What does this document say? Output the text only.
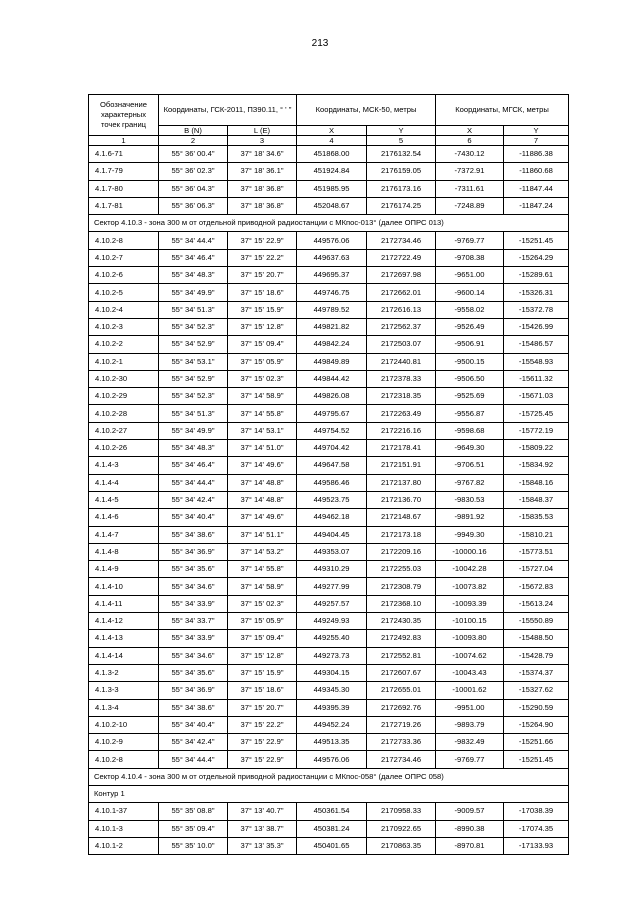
213
Обозначение характерных точек границ	Координаты, ГСК-2011, ПЗ90.11, ° ' "		Координаты, МСК-50, метры		Координаты, МГСК, метры	
	B (N)	L (E)	X	Y	X	Y
1	2	3	4	5	6	7
4.1.6-71	55° 36' 00.4"	37° 18' 34.6"	451868.00	2176132.54	-7430.12	-11886.38
4.1.7-79	55° 36' 02.3"	37° 18' 36.1"	451924.84	2176159.05	-7372.91	-11860.68
4.1.7-80	55° 36' 04.3"	37° 18' 36.8"	451985.95	2176173.16	-7311.61	-11847.44
4.1.7-81	55° 36' 06.3"	37° 18' 36.8"	452048.67	2176174.25	-7248.89	-11847.24
Сектор 4.10.3 - зона 300 м от отдельной приводной радиостанции с МКпос-013° (далее ОПРС 013)						
4.10.2-8	55° 34' 44.4"	37° 15' 22.9"	449576.06	2172734.46	-9769.77	-15251.45
4.10.2-7	55° 34' 46.4"	37° 15' 22.2"	449637.63	2172722.49	-9708.38	-15264.29
4.10.2-6	55° 34' 48.3"	37° 15' 20.7"	449695.37	2172697.98	-9651.00	-15289.61
4.10.2-5	55° 34' 49.9"	37° 15' 18.6"	449746.75	2172662.01	-9600.14	-15326.31
4.10.2-4	55° 34' 51.3"	37° 15' 15.9"	449789.52	2172616.13	-9558.02	-15372.78
4.10.2-3	55° 34' 52.3"	37° 15' 12.8"	449821.82	2172562.37	-9526.49	-15426.99
4.10.2-2	55° 34' 52.9"	37° 15' 09.4"	449842.24	2172503.07	-9506.91	-15486.57
4.10.2-1	55° 34' 53.1"	37° 15' 05.9"	449849.89	2172440.81	-9500.15	-15548.93
4.10.2-30	55° 34' 52.9"	37° 15' 02.3"	449844.42	2172378.33	-9506.50	-15611.32
4.10.2-29	55° 34' 52.3"	37° 14' 58.9"	449826.08	2172318.35	-9525.69	-15671.03
4.10.2-28	55° 34' 51.3"	37° 14' 55.8"	449795.67	2172263.49	-9556.87	-15725.45
4.10.2-27	55° 34' 49.9"	37° 14' 53.1"	449754.52	2172216.16	-9598.68	-15772.19
4.10.2-26	55° 34' 48.3"	37° 14' 51.0"	449704.42	2172178.41	-9649.30	-15809.22
4.1.4-3	55° 34' 46.4"	37° 14' 49.6"	449647.58	2172151.91	-9706.51	-15834.92
4.1.4-4	55° 34' 44.4"	37° 14' 48.8"	449586.46	2172137.80	-9767.82	-15848.16
4.1.4-5	55° 34' 42.4"	37° 14' 48.8"	449523.75	2172136.70	-9830.53	-15848.37
4.1.4-6	55° 34' 40.4"	37° 14' 49.6"	449462.18	2172148.67	-9891.92	-15835.53
4.1.4-7	55° 34' 38.6"	37° 14' 51.1"	449404.45	2172173.18	-9949.30	-15810.21
4.1.4-8	55° 34' 36.9"	37° 14' 53.2"	449353.07	2172209.16	-10000.16	-15773.51
4.1.4-9	55° 34' 35.6"	37° 14' 55.8"	449310.29	2172255.03	-10042.28	-15727.04
4.1.4-10	55° 34' 34.6"	37° 14' 58.9"	449277.99	2172308.79	-10073.82	-15672.83
4.1.4-11	55° 34' 33.9"	37° 15' 02.3"	449257.57	2172368.10	-10093.39	-15613.24
4.1.4-12	55° 34' 33.7"	37° 15' 05.9"	449249.93	2172430.35	-10100.15	-15550.89
4.1.4-13	55° 34' 33.9"	37° 15' 09.4"	449255.40	2172492.83	-10093.80	-15488.50
4.1.4-14	55° 34' 34.6"	37° 15' 12.8"	449273.73	2172552.81	-10074.62	-15428.79
4.1.3-2	55° 34' 35.6"	37° 15' 15.9"	449304.15	2172607.67	-10043.43	-15374.37
4.1.3-3	55° 34' 36.9"	37° 15' 18.6"	449345.30	2172655.01	-10001.62	-15327.62
4.1.3-4	55° 34' 38.6"	37° 15' 20.7"	449395.39	2172692.76	-9951.00	-15290.59
4.10.2-10	55° 34' 40.4"	37° 15' 22.2"	449452.24	2172719.26	-9893.79	-15264.90
4.10.2-9	55° 34' 42.4"	37° 15' 22.9"	449513.35	2172733.36	-9832.49	-15251.66
4.10.2-8	55° 34' 44.4"	37° 15' 22.9"	449576.06	2172734.46	-9769.77	-15251.45
Сектор 4.10.4 - зона 300 м от отдельной приводной радиостанции с МКпос-058° (далее ОПРС 058)						
Контур 1						
4.10.1-37	55° 35' 08.8"	37° 13' 40.7"	450361.54	2170958.33	-9009.57	-17038.39
4.10.1-3	55° 35' 09.4"	37° 13' 38.7"	450381.24	2170922.65	-8990.38	-17074.35
4.10.1-2	55° 35' 10.0"	37° 13' 35.3"	450401.65	2170863.35	-8970.81	-17133.93
